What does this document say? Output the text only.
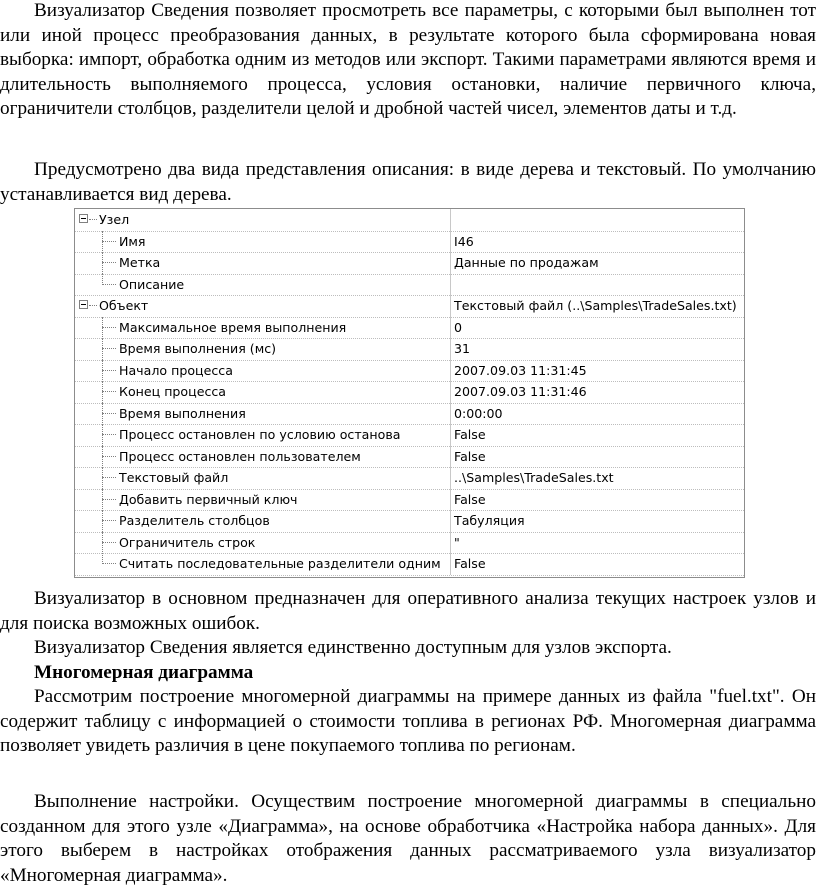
Визуализатор Сведения позволяет просмотреть все параметры, с которыми был выполнен тот или иной процесс преобразования данных, в результате которого была сформирована новая выборка: импорт, обработка одним из методов или экспорт. Такими параметрами являются время и длительность выполняемого процесса, условия остановки, наличие первичного ключа, ограничители столбцов, разделители целой и дробной частей чисел, элементов даты и т.д.

Предусмотрено два вида представления описания: в виде дерева и текстовый. По умолчанию устанавливается вид дерева.

Узел
Имя	I46
Метка	Данные по продажам
Описание
Объект	Текстовый файл (..\Samples\TradeSales.txt)
Максимальное время выполнения	0
Время выполнения (мс)	31
Начало процесса	2007.09.03 11:31:45
Конец процесса	2007.09.03 11:31:46
Время выполнения	0:00:00
Процесс остановлен по условию останова	False
Процесс остановлен пользователем	False
Текстовый файл	..\Samples\TradeSales.txt
Добавить первичный ключ	False
Разделитель столбцов	Табуляция
Ограничитель строк	"
Считать последовательные разделители одним False

Визуализатор в основном предназначен для оперативного анализа текущих настроек узлов и для поиска возможных ошибок.

Визуализатор Сведения является единственно доступным для узлов экспорта.

Многомерная диаграмма

Рассмотрим построение многомерной диаграммы на примере данных из файла "fuel.txt". Он содержит таблицу с информацией о стоимости топлива в регионах РФ. Многомерная диаграмма позволяет увидеть различия в цене покупаемого топлива по регионам.

Выполнение настройки. Осуществим построение многомерной диаграммы в специально созданном для этого узле «Диаграмма», на основе обработчика «Настройка набора данных». Для этого выберем в настройках отображения данных рассматриваемого узла визуализатор «Многомерная диаграмма».
